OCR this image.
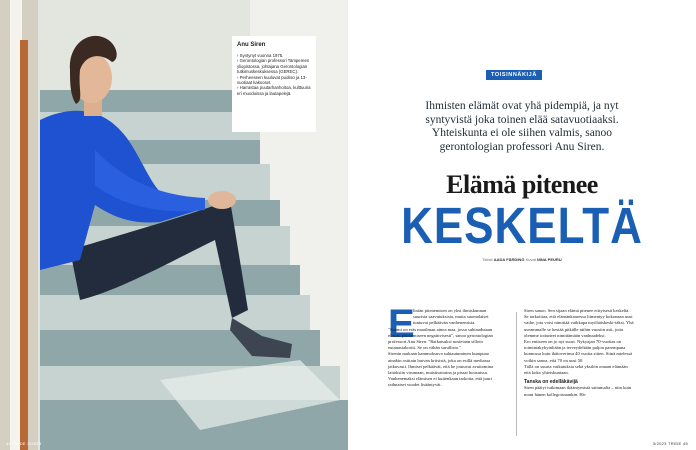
Anu Siren
› Syntynyt vuonna 1975.
› Gerontologian professori Tampereen yliopistossa, johtajana Gerontologian tutkimuskeskuksessa (GEREC).
› Perheeseen kuuluvat puoliso ja 13-vuotiaat kaksoset.
› Harrastaa puutarhanhoitoa, kulttuuria eri muodoissa ja lautapelejä.
44 TRIDE 3/2023
TOISINNÄKIJÄ
Ihmisten elämät ovat yhä pidempiä, ja nyt syntyvistä joka toinen elää satavuotiaaksi. Yhteiskunta ei ole siihen valmis, sanoo gerontologian professori Anu Siren.
Elämä pitenee
KESKELTÄ
Teksti AADA FÄRDING Kuvat NINA PEURU
E

liniän pitenemisen on yksi ihmiskunnan suurista saavutuksista, mutta suomalaiset tuntuvat pelkäävän vanhenemista.

"Suomi on eräs maailman ainoa maa, jossa suhtaudutaan eliniän pitenemiseen negatiivisesti", sanoo gerontologian professori Anu Siren. "Ratkaisuksi nostetaan silloin eutanasiakortti. Se on vähän surullista."

Sirenin mukaan kammoksuva suhtautuminen kumpuaa ainakin osittain huivan kriisistä, joka on esillä mediassa jatkuvasti. Ihmiset pelkäävät, että he joutuvat avuttomina laitoksiin virumaan, muistisairaina ja pissat housuissa.

Vanhenemaksi elämisen ei kuitenkaan tarkoita, että juuri raihnaiset vuodet lisääntyvät.

Siren sanoo. Sen sijaan elämä pitenee erityisesti keskeltä. Se tarkoittaa, että elämänkaaressa liimentyy kokonaan uusi vaihe, jota voisi nimittää vaikkapa myöhäiskeski-iäksi. Yhä useammalle se kestää pitkälle niihin vuosiin asti, joita olemme tottuneet nimittämään vanhuudeksi.

Ero entiseen on jo nyt suuri. Nykyajan 70-vuotias on toimintakykyinltään ja terveydeltään paljon parempana kunnossa kuin ikätoverinsa 40 vuotta sitten. Siinä mielessä voikin sanoa, että 70 on uusi 50.

Tällä on suuria vaikutuksia sekä yksilön omaan elämään että koko yhteiskuntaan.

Tanska on edelläkävijä

Siren päätyi tutkimaan ikääntymistä sattumalta – niin kuin moni hänen kollegoistaankin. Hä-

3/2023 TRIDE 45
